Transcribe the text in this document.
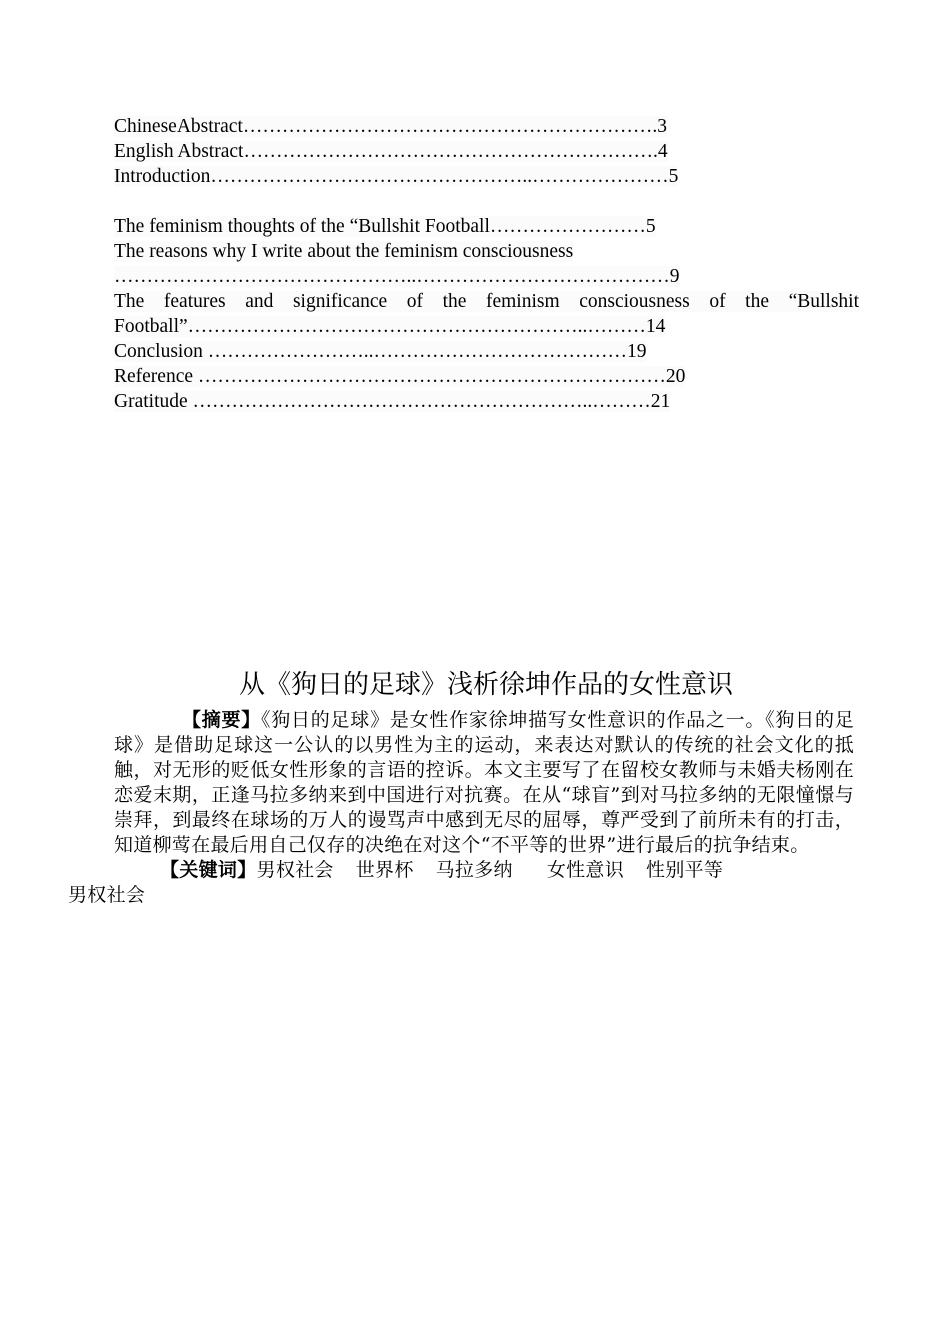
ChineseAbstract……………………………………………………….3
English Abstract……………………………………………………….4
Introduction…………………………………………..…………………5
The feminism thoughts of the “Bullshit Football……………………5
The reasons why I write about the feminism consciousness
………………………………………..…………………………………9
The features and significance of the feminism consciousness of the “Bullshit Football”……………………………………………………..………14
Conclusion ……………………..…………………………………19
Reference ………………………………………………………………20
Gratitude ……………………………………………………..………21
从《狗日的足球》浅析徐坤作品的女性意识

【摘要】《狗日的足球》是女性作家徐坤描写女性意识的作品之一。《狗日的足球》是借助足球这一公认的以男性为主的运动，来表达对默认的传统的社会文化的抵触，对无形的贬低女性形象的言语的控诉。本文主要写了在留校女教师与未婚夫杨刚在恋爱末期，正逢马拉多纳来到中国进行对抗赛。在从“球盲”到对马拉多纳的无限憧憬与崇拜，到最终在球场的万人的谩骂声中感到无尽的屈辱，尊严受到了前所未有的打击，知道柳莺在最后用自己仅存的决绝在对这个“不平等的世界”进行最后的抗争结束。

【关键词】男权社会 世界杯 马拉多纳 女性意识 性别平等
男权社会
